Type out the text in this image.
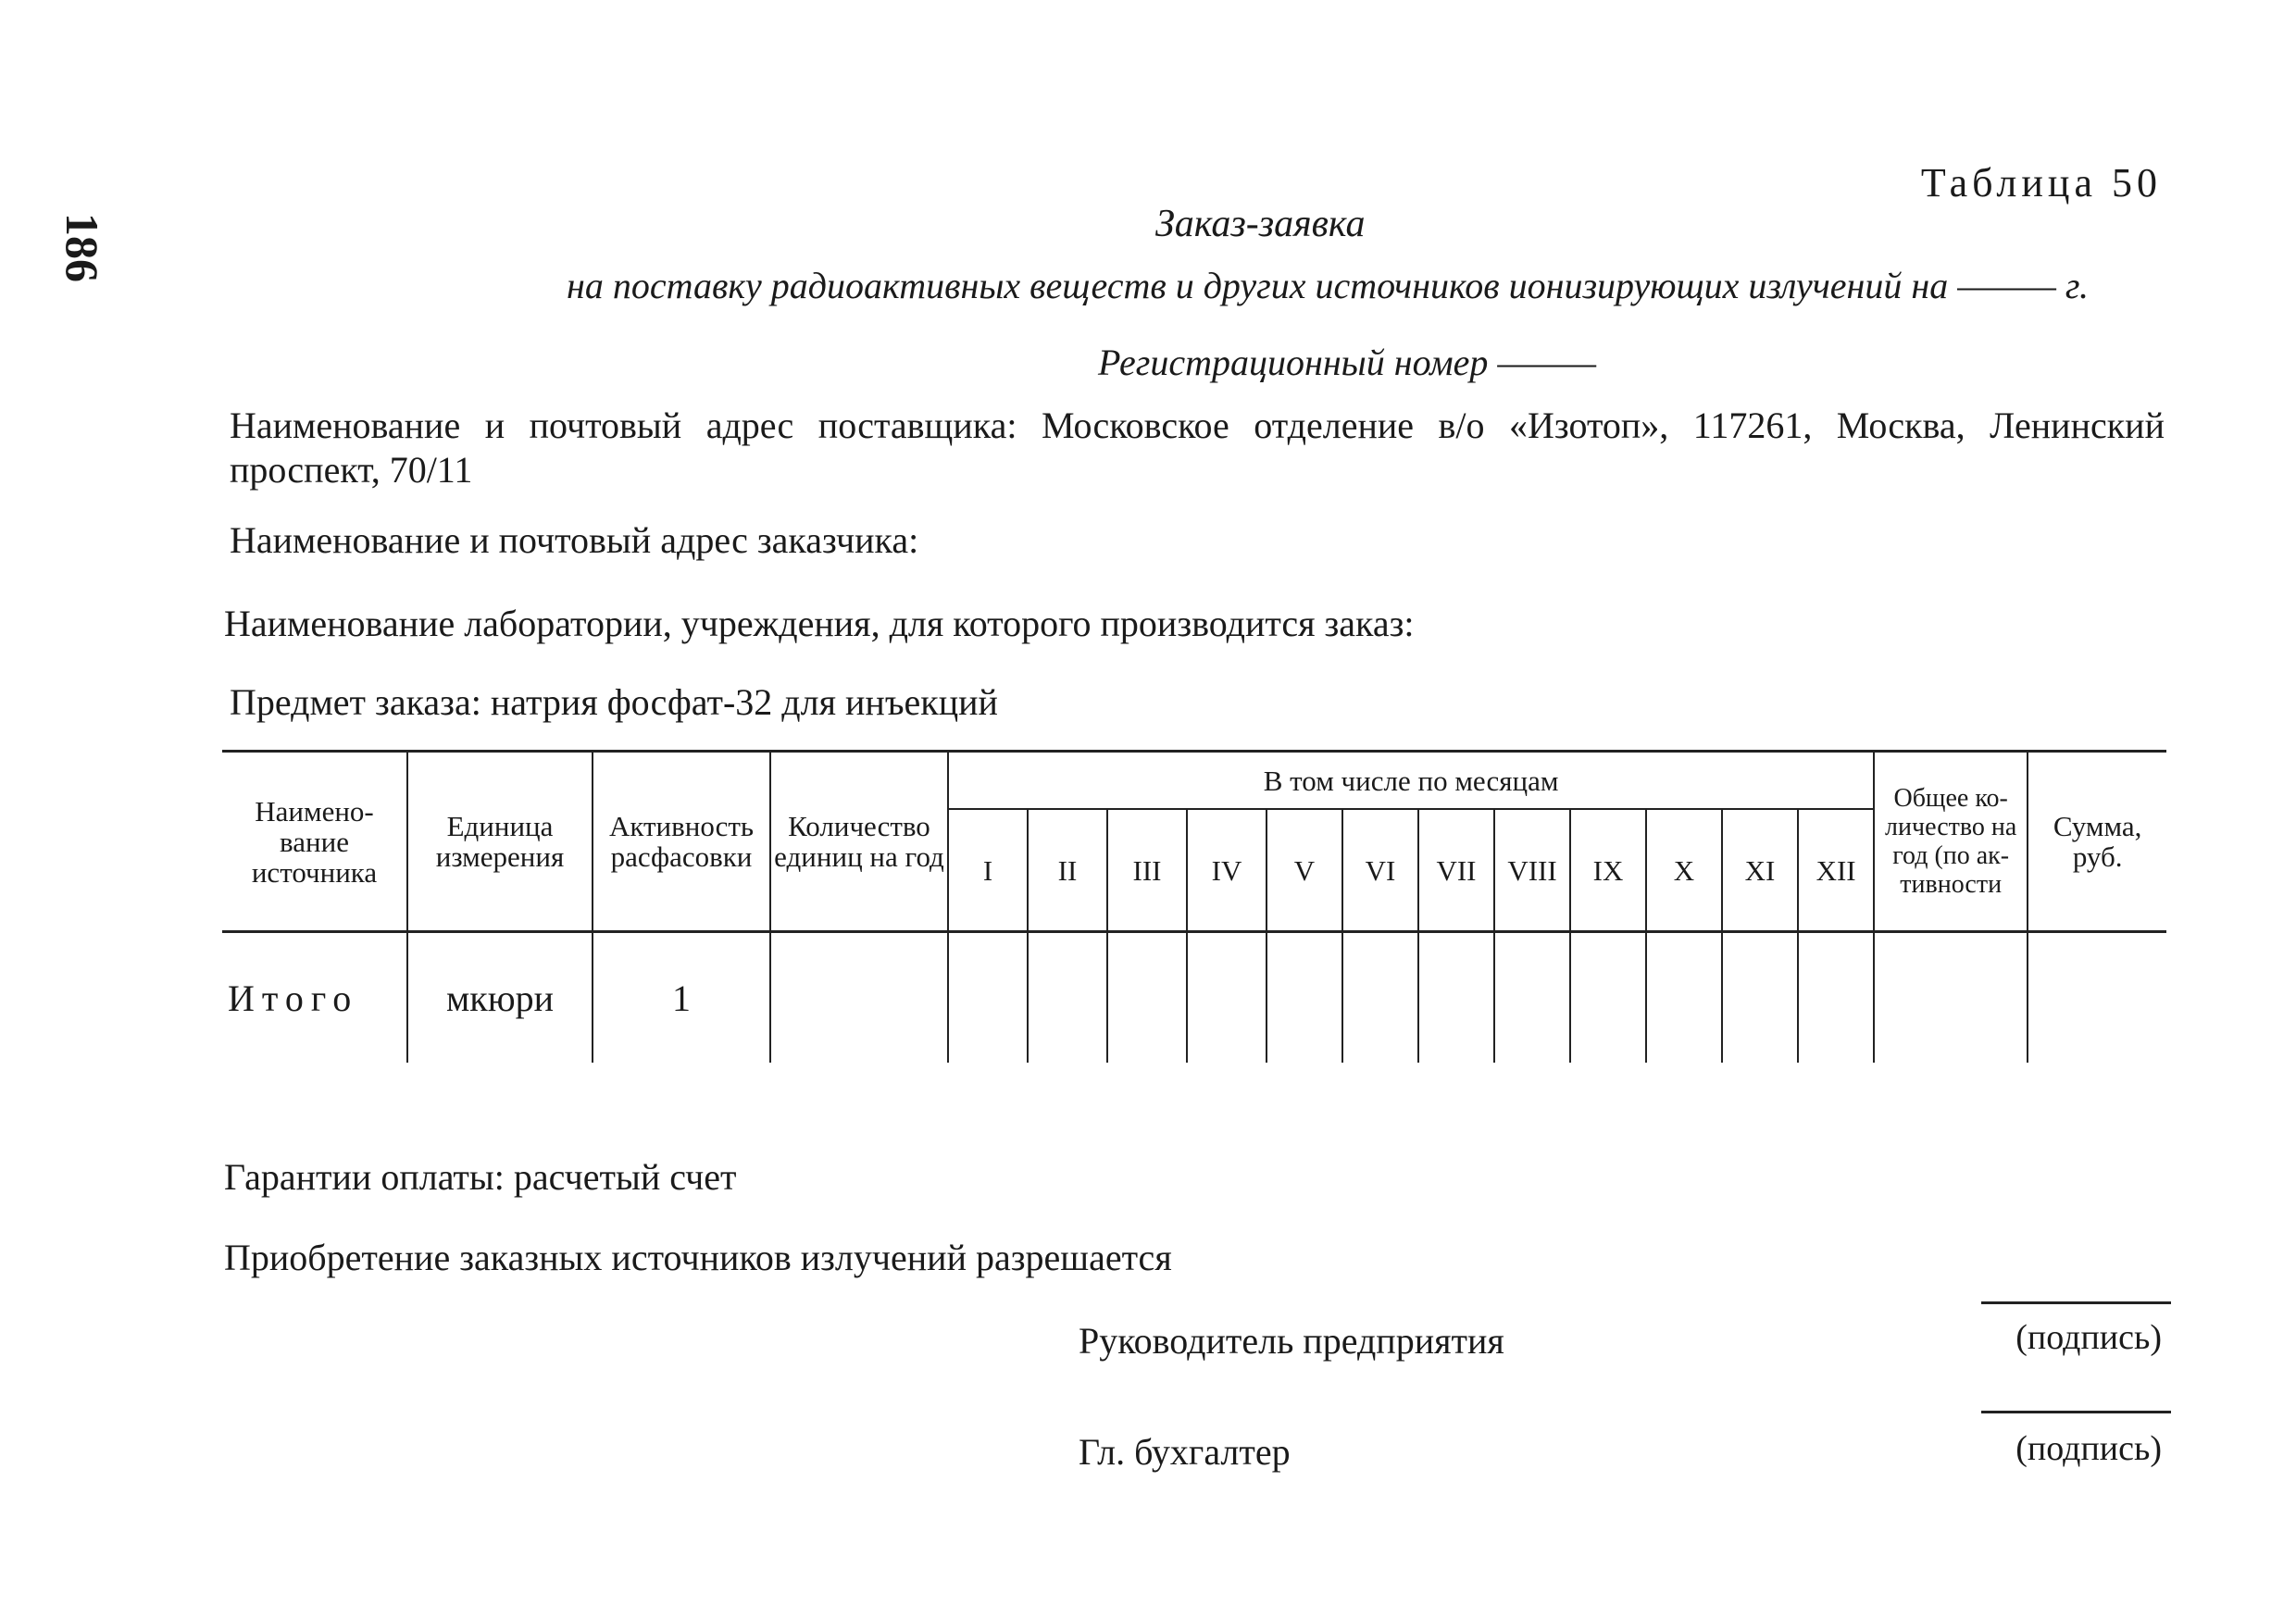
186
Таблица 50
Заказ-заявка
на поставку радиоактивных веществ и других источников ионизирующих излучений на ——— г.
Регистрационный номер ———
Наименование и почтовый адрес поставщика: Московское отделение в/о «Изотоп», 117261, Москва, Ленинский
проспект, 70/11
Наименование и почтовый адрес заказчика:
Наименование лаборатории, учреждения, для которого производится заказ:
Предмет заказа: натрия фосфат-32 для инъекций
Наимено-вание источника	Единица измерения	Активность расфасовки	Количество единиц на год	В том числе по месяцам												Общее ко-личество на год (по ак-тивности	Сумма, руб.
				I	II	III	IV	V	VI	VII	VIII	IX	X	XI	XII		
Итого	мкюри	1															
Гарантии оплаты: расчетый счет
Приобретение заказных источников излучений разрешается
Руководитель предприятия	(подпись)
Гл. бухгалтер	(подпись)
